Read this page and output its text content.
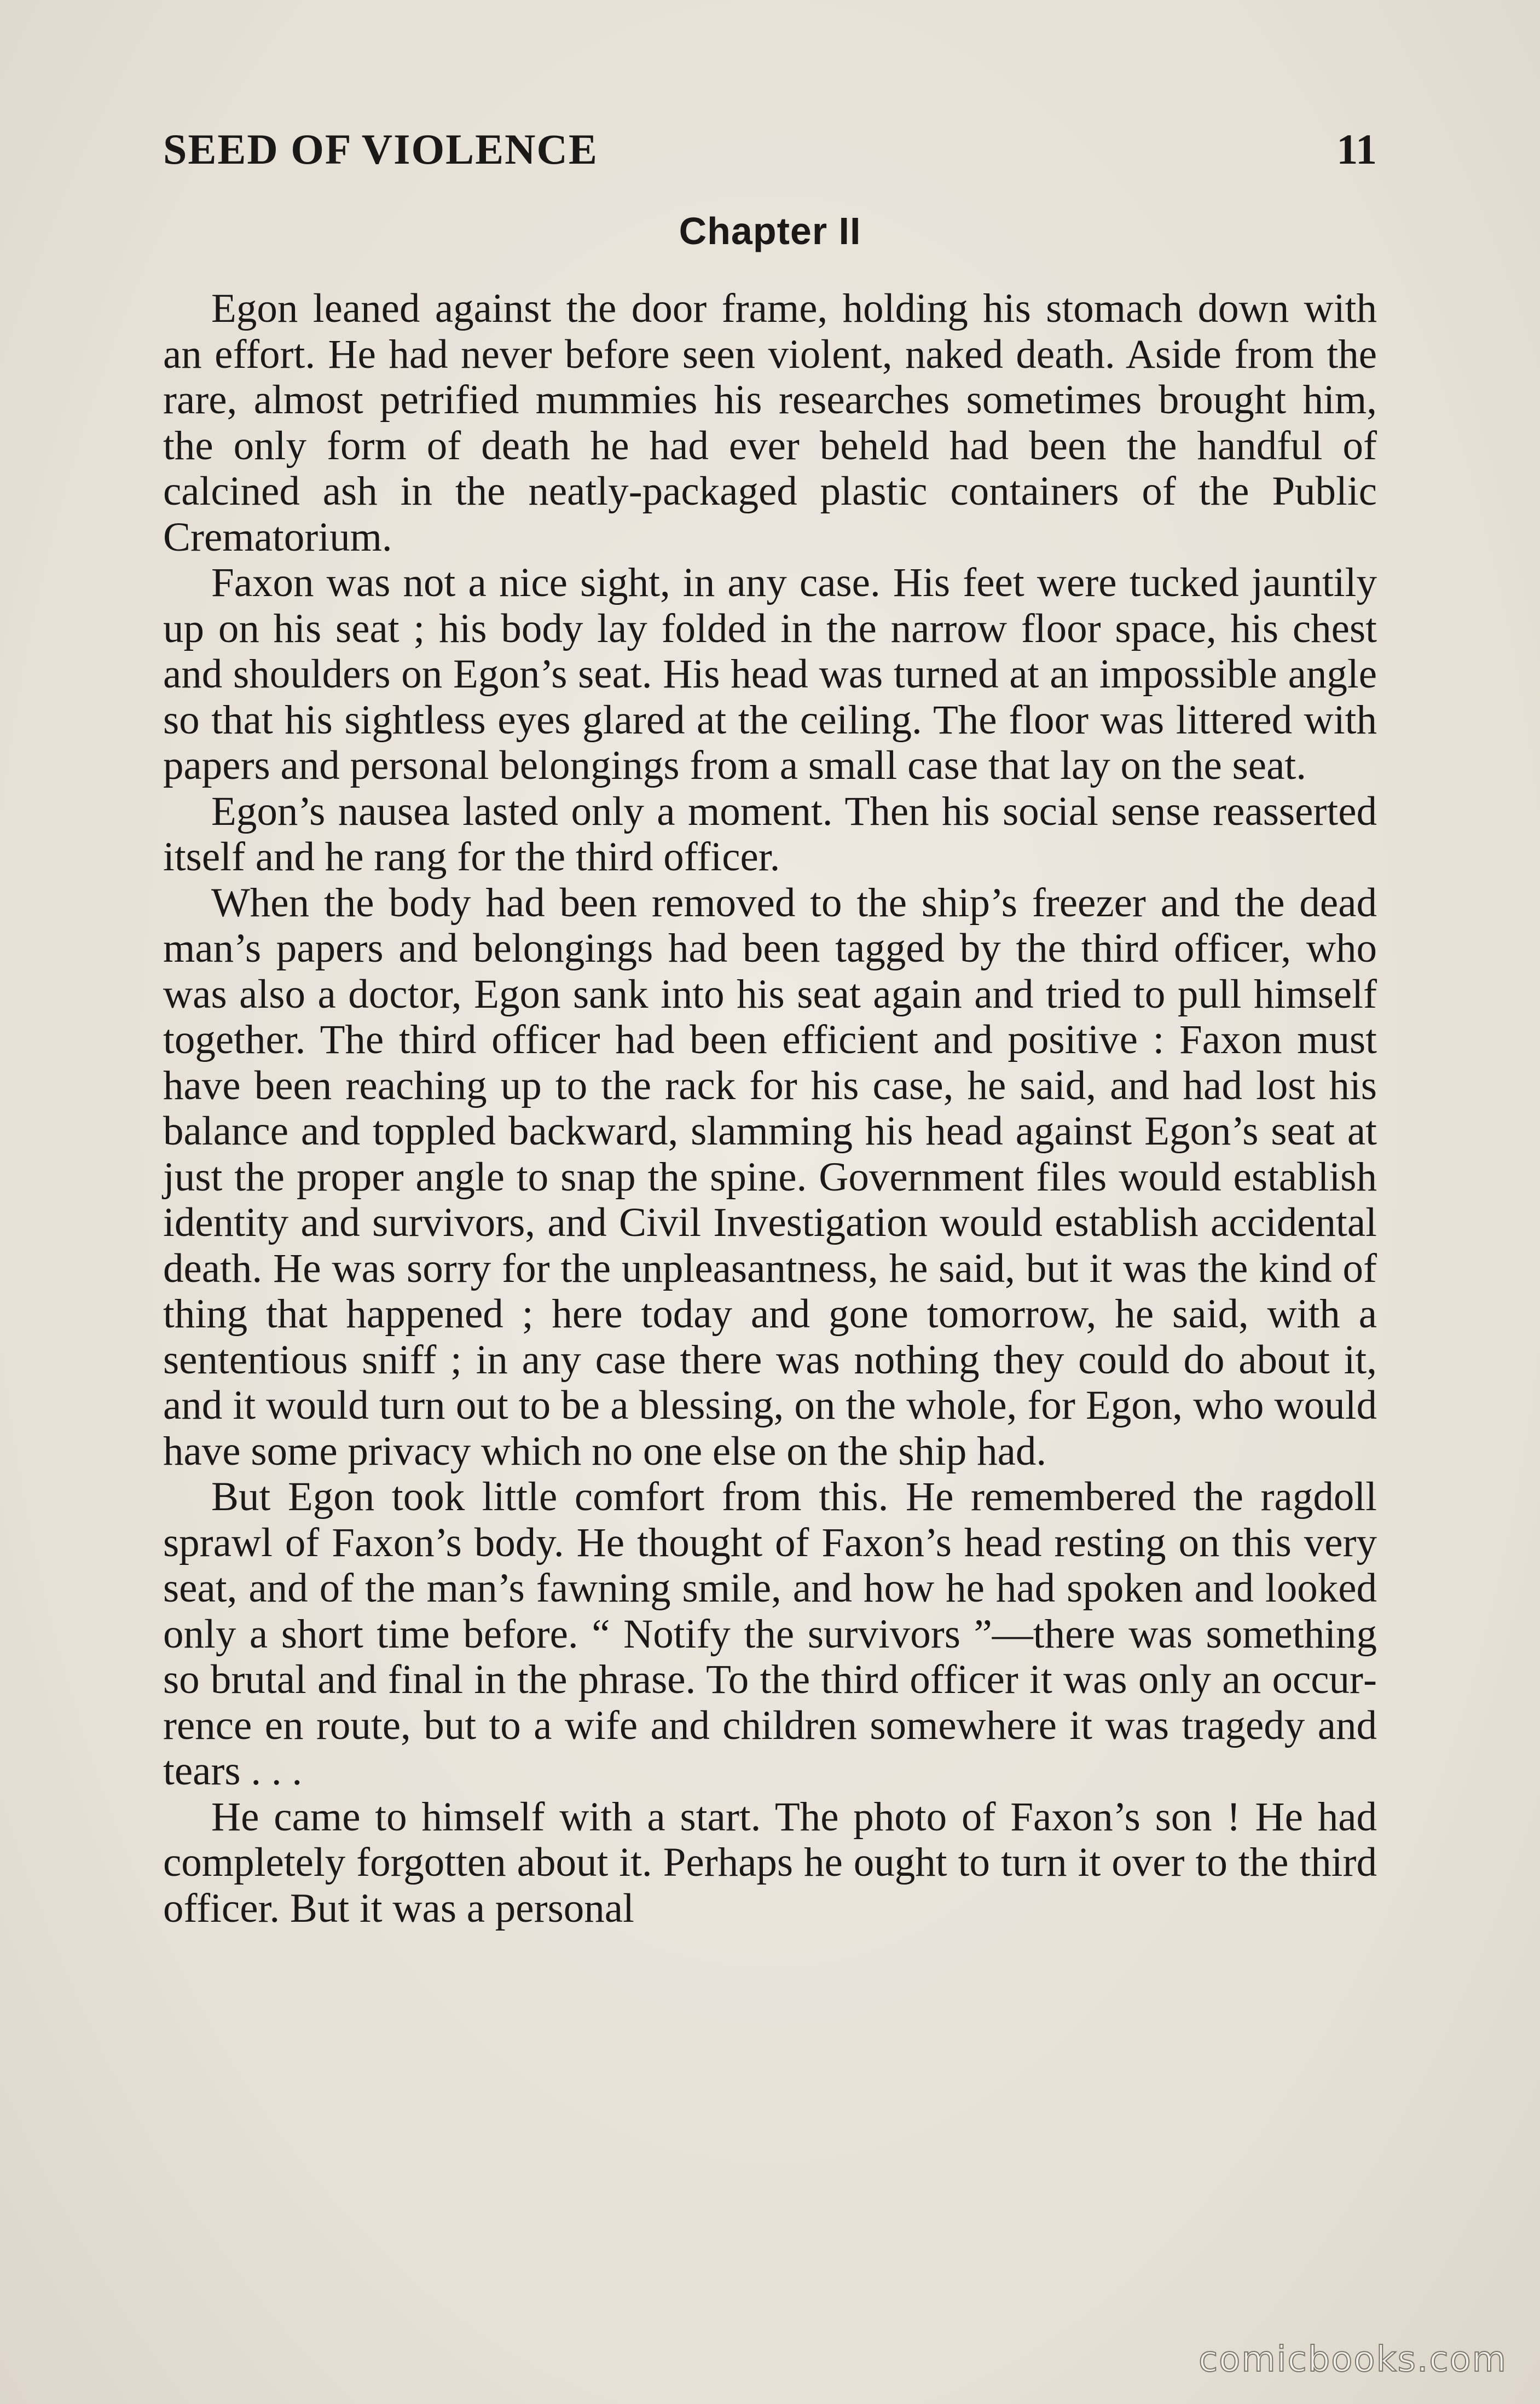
SEED OF VIOLENCE	11
Chapter II

Egon leaned against the door frame, holding his stomach down with an effort. He had never before seen violent, naked death. Aside from the rare, almost petrified mummies his researches sometimes brought him, the only form of death he had ever beheld had been the handful of calcined ash in the neatly-packaged plastic containers of the Public Crematorium.

Faxon was not a nice sight, in any case. His feet were tucked jauntily up on his seat ; his body lay folded in the narrow floor space, his chest and shoulders on Egon’s seat. His head was turned at an impossible angle so that his sightless eyes glared at the ceiling. The floor was littered with papers and personal belongings from a small case that lay on the seat.

Egon’s nausea lasted only a moment. Then his social sense reasserted itself and he rang for the third officer.

When the body had been removed to the ship’s freezer and the dead man’s papers and belongings had been tagged by the third officer, who was also a doctor, Egon sank into his seat again and tried to pull himself together. The third officer had been efficient and positive : Faxon must have been reaching up to the rack for his case, he said, and had lost his balance and toppled backward, slamming his head against Egon’s seat at just the proper angle to snap the spine. Government files would establish identity and survivors, and Civil Investigation would establish accidental death. He was sorry for the unpleasantness, he said, but it was the kind of thing that happened ; here today and gone tomorrow, he said, with a sententious sniff ; in any case there was nothing they could do about it, and it would turn out to be a blessing, on the whole, for Egon, who would have some privacy which no one else on the ship had.

But Egon took little comfort from this. He remembered the ragdoll sprawl of Faxon’s body. He thought of Faxon’s head resting on this very seat, and of the man’s fawning smile, and how he had spoken and looked only a short time before. “ Notify the survivors ”—there was something so brutal and final in the phrase. To the third officer it was only an occurrence en route, but to a wife and children somewhere it was tragedy and tears . . .

He came to himself with a start. The photo of Faxon’s son ! He had completely forgotten about it. Perhaps he ought to turn it over to the third officer. But it was a personal

comicbooks.com
